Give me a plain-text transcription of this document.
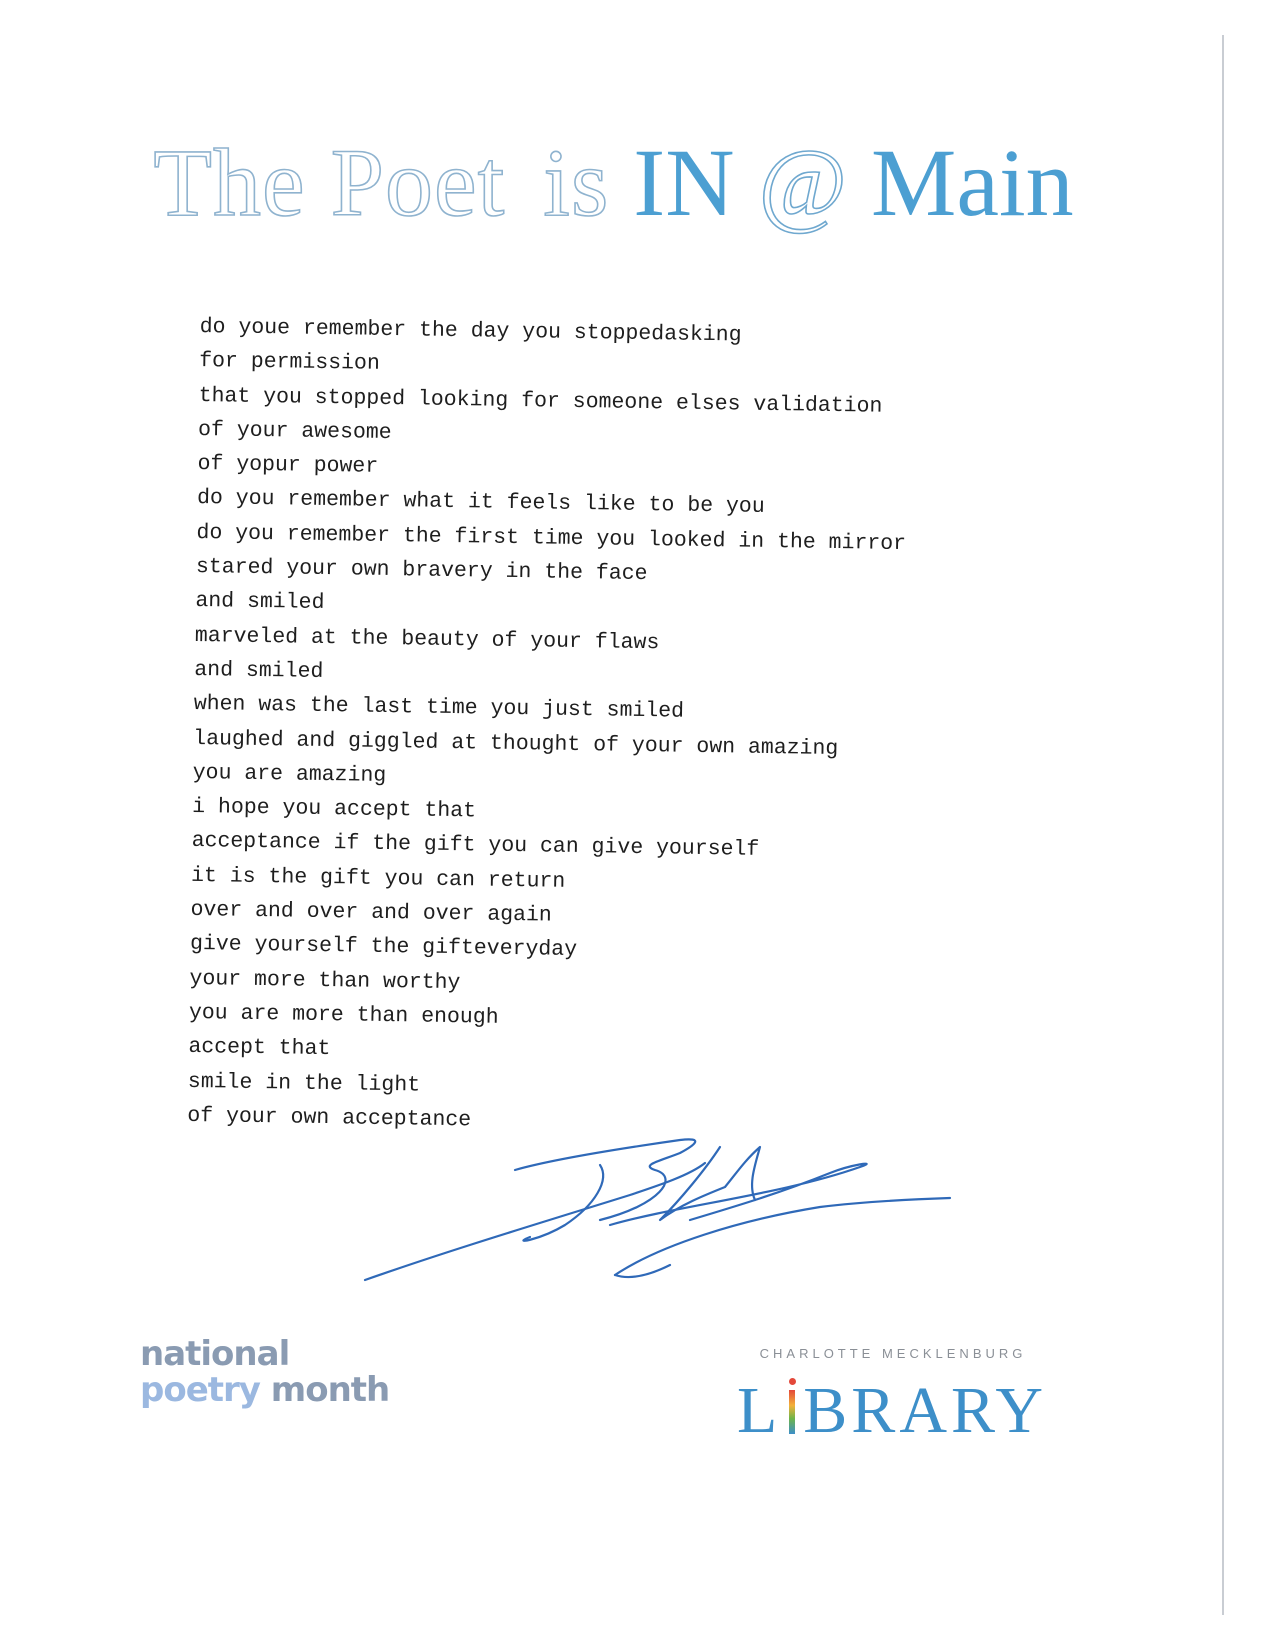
The Poet is IN @ Main
do youe remember the day you stoppedasking
for permission
that you stopped looking for someone elses validation
of your awesome
of yopur power
do you remember what it feels like to be you
do you remember the first time you looked in the mirror
stared your own bravery in the face
and smiled
marveled at the beauty of your flaws
and smiled
when was the last time you just smiled
laughed and giggled at thought of your own amazing
you are amazing
i hope you accept that
acceptance if the gift you can give yourself
it is the gift you can return
over and over and over again
give yourself the gifteveryday
your more than worthy
you are more than enough
accept that
smile in the light
of your own acceptance
national
poetry month
CHARLOTTE MECKLENBURG
L BRARY
